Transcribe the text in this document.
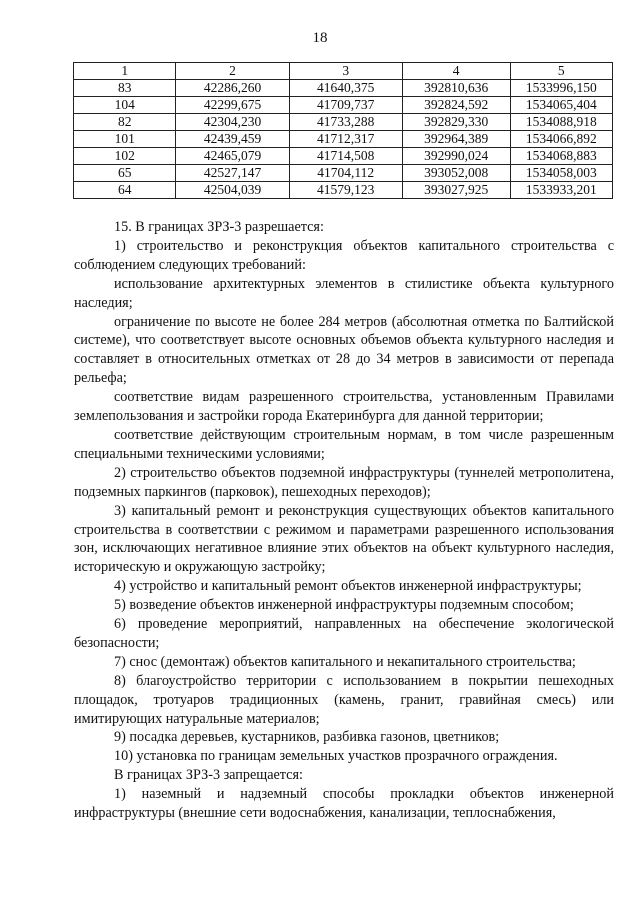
18
1	2	3	4	5
83	42286,260	41640,375	392810,636	1533996,150
104	42299,675	41709,737	392824,592	1534065,404
82	42304,230	41733,288	392829,330	1534088,918
101	42439,459	41712,317	392964,389	1534066,892
102	42465,079	41714,508	392990,024	1534068,883
65	42527,147	41704,112	393052,008	1534058,003
64	42504,039	41579,123	393027,925	1533933,201

15. В границах ЗРЗ-3 разрешается:

1) строительство и реконструкция объектов капитального строительства с соблюдением следующих требований:

использование архитектурных элементов в стилистике объекта культурного наследия;

ограничение по высоте не более 284 метров (абсолютная отметка по Балтийской системе), что соответствует высоте основных объемов объекта культурного наследия и составляет в относительных отметках от 28 до 34 метров в зависимости от перепада рельефа;

соответствие видам разрешенного строительства, установленным Правилами землепользования и застройки города Екатеринбурга для данной территории;

соответствие действующим строительным нормам, в том числе разрешенным специальными техническими условиями;

2) строительство объектов подземной инфраструктуры (туннелей метрополитена, подземных паркингов (парковок), пешеходных переходов);

3) капитальный ремонт и реконструкция существующих объектов капитального строительства в соответствии с режимом и параметрами разрешенного использования зон, исключающих негативное влияние этих объектов на объект культурного наследия, историческую и окружающую застройку;

4) устройство и капитальный ремонт объектов инженерной инфраструктуры;

5) возведение объектов инженерной инфраструктуры подземным способом;

6) проведение мероприятий, направленных на обеспечение экологической безопасности;

7) снос (демонтаж) объектов капитального и некапитального строительства;

8) благоустройство территории с использованием в покрытии пешеходных площадок, тротуаров традиционных (камень, гранит, гравийная смесь) или имитирующих натуральные материалов;

9) посадка деревьев, кустарников, разбивка газонов, цветников;

10) установка по границам земельных участков прозрачного ограждения.

В границах ЗРЗ-3 запрещается:

1) наземный и надземный способы прокладки объектов инженерной инфраструктуры (внешние сети водоснабжения, канализации, теплоснабжения,
